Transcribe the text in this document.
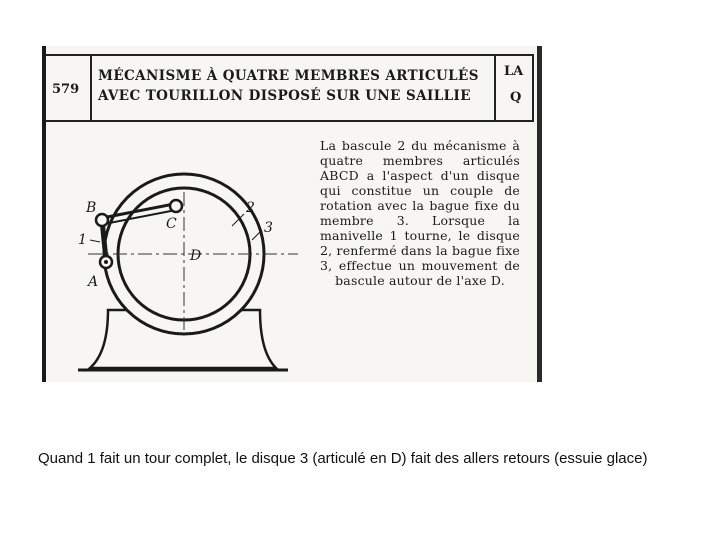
579
MÉCANISME À QUATRE MEMBRES ARTICULÉS
AVEC TOURILLON DISPOSÉ SUR UNE SAILLIE
LA
Q
B
C
1
A
2
3
D
La bascule 2 du mécanisme à quatre membres articulés ABCD a l'aspect d'un disque qui constitue un couple de rotation avec la bague fixe du membre 3. Lorsque la manivelle 1 tourne, le disque 2, renfermé dans la bague fixe 3, effectue un mouvement de bascule autour de l'axe D.
Quand 1 fait un tour complet, le disque 3 (articulé en D) fait des allers retours (essuie glace)
